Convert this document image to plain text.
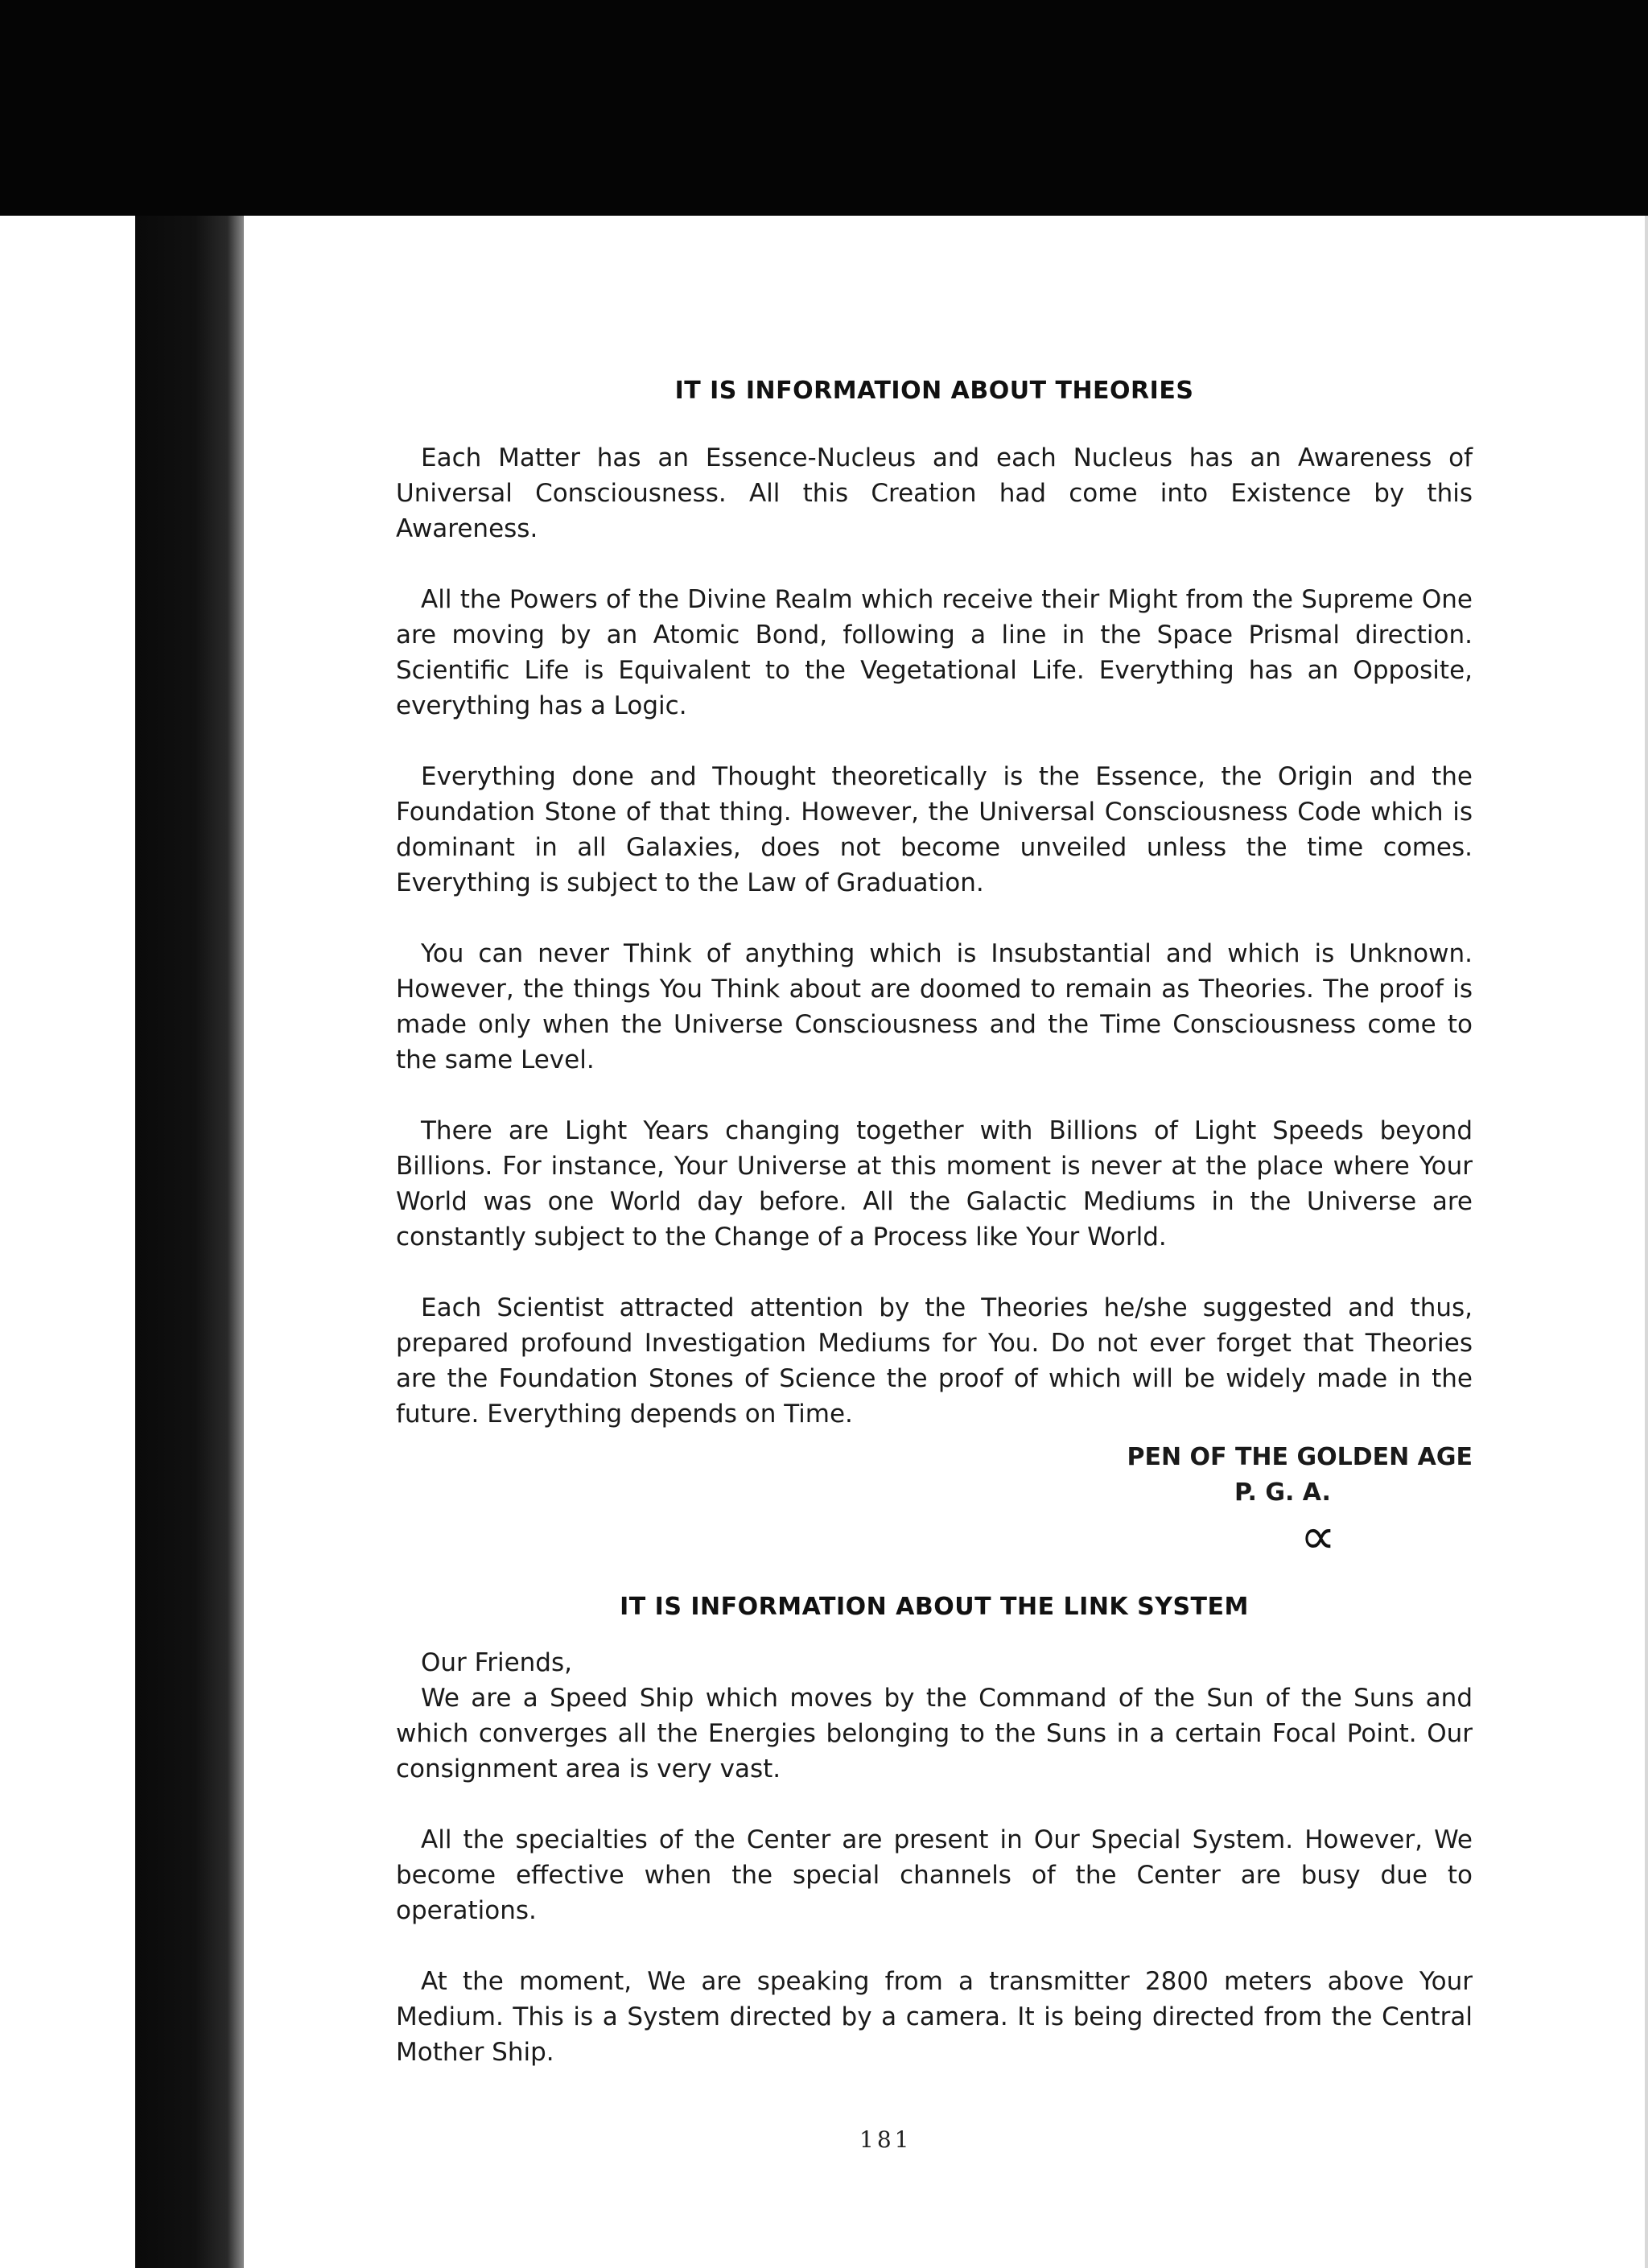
IT IS INFORMATION ABOUT THEORIES

Each Matter has an Essence-Nucleus and each Nucleus has an Awareness of Universal Consciousness. All this Creation had come into Existence by this Awareness.

All the Powers of the Divine Realm which receive their Might from the Supreme One are moving by an Atomic Bond, following a line in the Space Prismal direction. Scientific Life is Equivalent to the Vegetational Life. Everything has an Opposite, everything has a Logic.

Everything done and Thought theoretically is the Essence, the Origin and the Foundation Stone of that thing. However, the Universal Consciousness Code which is dominant in all Galaxies, does not become unveiled unless the time comes. Everything is subject to the Law of Graduation.

You can never Think of anything which is Insubstantial and which is Unknown. However, the things You Think about are doomed to remain as Theories. The proof is made only when the Universe Consciousness and the Time Consciousness come to the same Level.

There are Light Years changing together with Billions of Light Speeds beyond Billions. For instance, Your Universe at this moment is never at the place where Your World was one World day before. All the Galactic Mediums in the Universe are constantly subject to the Change of a Process like Your World.

Each Scientist attracted attention by the Theories he/she suggested and thus, prepared profound Investigation Mediums for You. Do not ever forget that Theories are the Foundation Stones of Science the proof of which will be widely made in the future. Everything depends on Time.

PEN OF THE GOLDEN AGE
P. G. A.
∝
IT IS INFORMATION ABOUT THE LINK SYSTEM

Our Friends,

We are a Speed Ship which moves by the Command of the Sun of the Suns and which converges all the Energies belonging to the Suns in a certain Focal Point. Our consignment area is very vast.

All the specialties of the Center are present in Our Special System. However, We become effective when the special channels of the Center are busy due to operations.

At the moment, We are speaking from a transmitter 2800 meters above Your Medium. This is a System directed by a camera. It is being directed from the Central Mother Ship.

181
